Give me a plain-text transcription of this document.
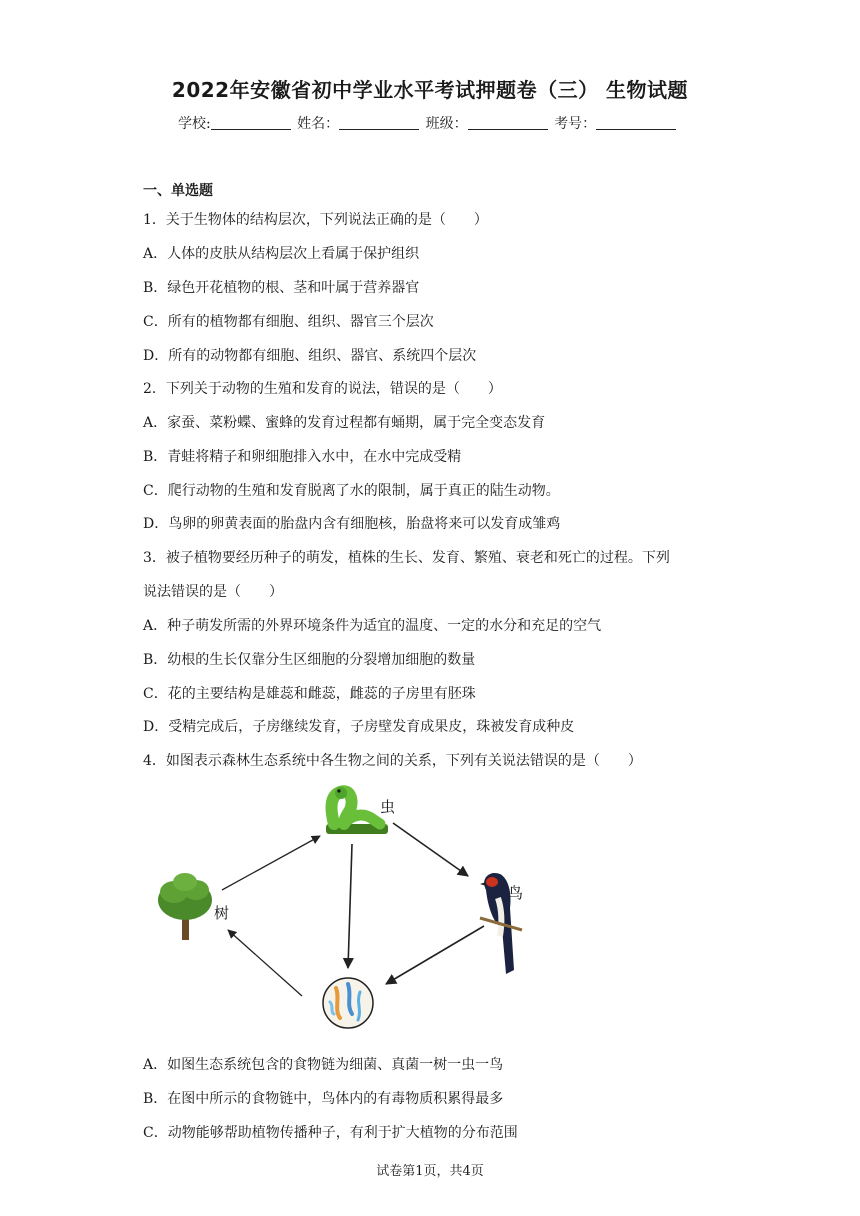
2022年安徽省初中学业水平考试押题卷（三） 生物试题
学校:	姓名：	班级：	考号：
一、单选题
1．关于生物体的结构层次，下列说法正确的是（　　）
A．人体的皮肤从结构层次上看属于保护组织
B．绿色开花植物的根、茎和叶属于营养器官
C．所有的植物都有细胞、组织、器官三个层次
D．所有的动物都有细胞、组织、器官、系统四个层次
2．下列关于动物的生殖和发育的说法，错误的是（　　）
A．家蚕、菜粉蝶、蜜蜂的发育过程都有蛹期，属于完全变态发育
B．青蛙将精子和卵细胞排入水中，在水中完成受精
C．爬行动物的生殖和发育脱离了水的限制，属于真正的陆生动物。
D．鸟卵的卵黄表面的胎盘内含有细胞核，胎盘将来可以发育成雏鸡
3．被子植物要经历种子的萌发，植株的生长、发育、繁殖、衰老和死亡的过程。下列
说法错误的是（　　）
A．种子萌发所需的外界环境条件为适宜的温度、一定的水分和充足的空气
B．幼根的生长仅靠分生区细胞的分裂增加细胞的数量
C．花的主要结构是雄蕊和雌蕊，雌蕊的子房里有胚珠
D．受精完成后，子房继续发育，子房壁发育成果皮，珠被发育成种皮
4．如图表示森林生态系统中各生物之间的关系，下列有关说法错误的是（　　）
虫
树
鸟
A．如图生态系统包含的食物链为细菌、真菌一树一虫一鸟
B．在图中所示的食物链中，鸟体内的有毒物质积累得最多
C．动物能够帮助植物传播种子，有利于扩大植物的分布范围
试卷第1页，共4页
